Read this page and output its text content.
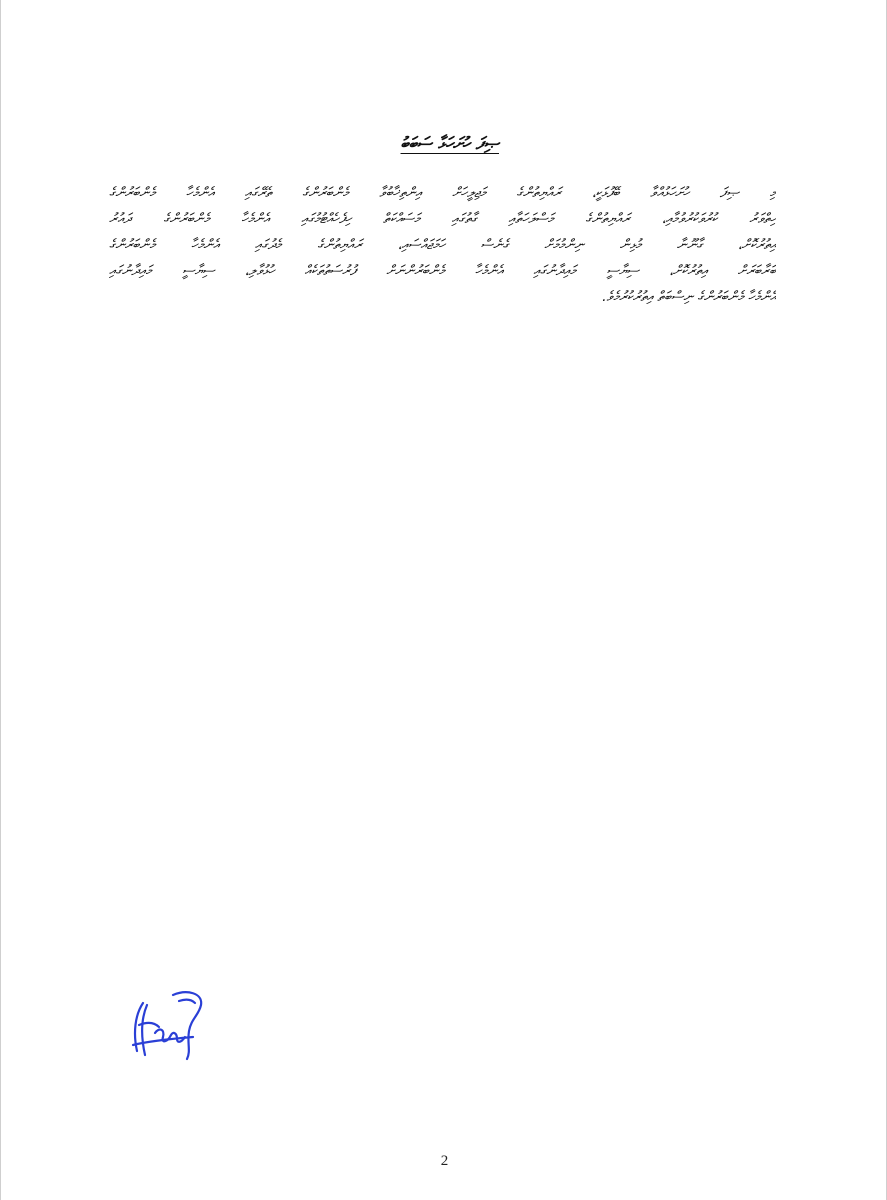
ޞިފަ ހުށަހަޅާ ސަބަބު
މި ޞިފަ ހުށަހަޅުއްވާ ބޭފުޅަކީ، ރައްޔިތުންގެ މަޖިލީހަށް އިންތިޚާބުވާ މެންބަރުންގެ ތެރޭގައި އެންމެހާ މެންބަރުންގެ
ހިތްވަރު ކުރުވަކުރުވުމާއި، ރައްޔިތުންގެ މަސްލަހަތާއި ގާތުގައި މަސައްކަތް ހިފެހެއްޓުމުގައި އެންމެހާ މެންބަރުންގެ ދައުރު
އިތުރުކޮށް، ގާނޫނާ މުޅިން ނިންމުމަށް ގެނެސް ހަމަޖައްސައި، ރައްޔިތުންގެ މެދުގައި އެންމެހާ މެންބަރުންގެ
ބަރާބަރަށް އިތުރުކޮށް، ސިޔާސީ މައިދާނުގައި އެންމެހާ މެންބަރުންނަށް ފުރުސަތުތަކެއް ހުޅުވާލި، ސިޔާސީ މައިދާނުގައި
އެންމެހާ މެންބަރުންގެ ނިސްބަތް އިތުރުކުރުމެވެ.
2
